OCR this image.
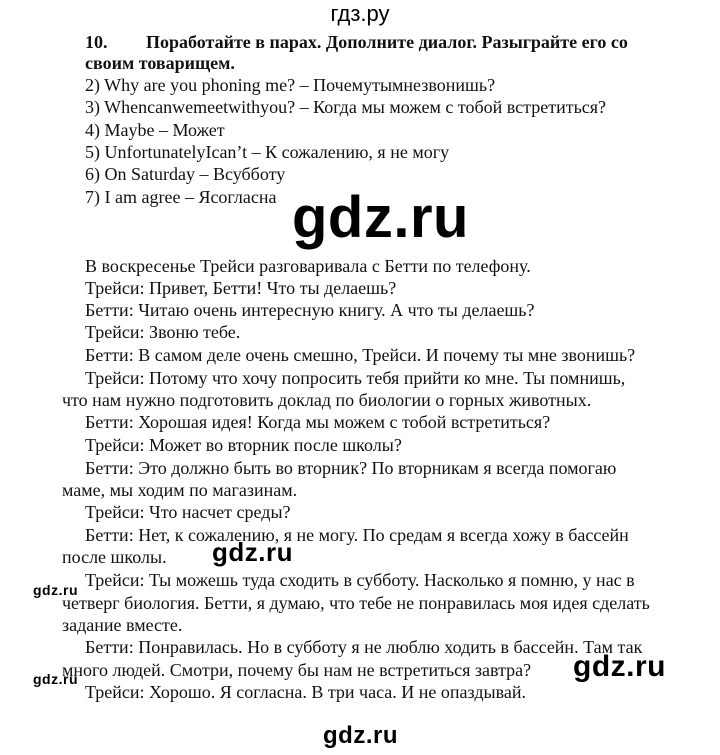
гдз.ру
10. Поработайте в парах. Дополните диалог. Разыграйте его со
своим товарищем.
2) Why are you phoning me? – Почемутымнезвонишь?
3) Whencanwemeetwithyou? – Когда мы можем с тобой встретиться?
4) Maybe – Может
5) UnfortunatelyIcan’t – К сожалению, я не могу
6) On Saturday – Всубботу
7) I am agree – Ясогласна gdz.ru
В воскресенье Трейси разговаривала с Бетти по телефону.
Трейси: Привет, Бетти! Что ты делаешь?
Бетти: Читаю очень интересную книгу. А что ты делаешь?
Трейси: Звоню тебе.
Бетти: В самом деле очень смешно, Трейси. И почему ты мне звонишь?
Трейси: Потому что хочу попросить тебя прийти ко мне. Ты помнишь,
что нам нужно подготовить доклад по биологии о горных животных.
Бетти: Хорошая идея! Когда мы можем с тобой встретиться?
Трейси: Может во вторник после школы?
Бетти: Это должно быть во вторник? По вторникам я всегда помогаю
маме, мы ходим по магазинам.
Трейси: Что насчет среды?
Бетти: Нет, к сожалению, я не могу. По средам я всегда хожу в бассейн
после школы.
Трейси: Ты можешь туда сходить в субботу. Насколько я помню, у нас в
четверг биология. Бетти, я думаю, что тебе не понравилась моя идея сделать
задание вместе.
Бетти: Понравилась. Но в субботу я не люблю ходить в бассейн. Там так
много людей. Смотри, почему бы нам не встретиться завтра?
Трейси: Хорошо. Я согласна. В три часа. И не опаздывай.
gdz.ru
gdz.ru
gdz.ru
gdz.ru
gdz.ru
